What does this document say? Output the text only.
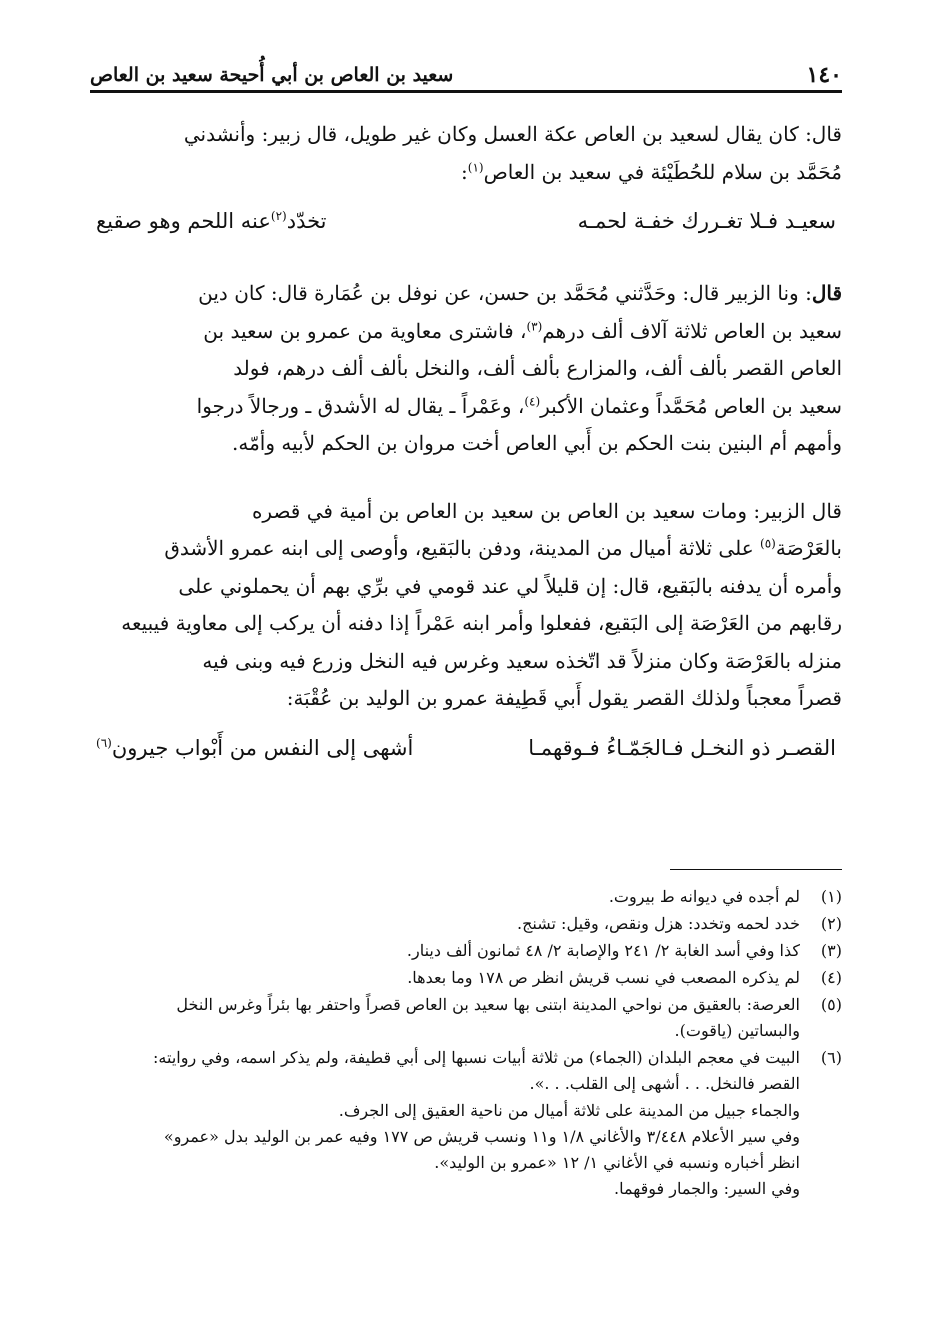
سعيد بن العاص بن أبي أُحيحة سعيد بن العاص	١٤٠

قال: كان يقال لسعيد بن العاص عكة العسل وكان غير طويل، قال زبير: وأنشدني

مُحَمَّد بن سلام للحُطَيْئة في سعيد بن العاص$^{(١)}$:

سعيـد فـلا تغـررك خفـة لحمـه
تخدّد$^{(٢)}$عنه اللحم وهو صقيع

قال: ونا الزبير قال: وحَدَّثني مُحَمَّد بن حسن، عن نوفل بن عُمَارة قال: كان دين

سعيد بن العاص ثلاثة آلاف ألف درهم$^{(٣)}$، فاشترى معاوية من عمرو بن سعيد بن

العاص القصر بألف ألف، والمزارع بألف ألف، والنخل بألف ألف درهم، فولد

سعيد بن العاص مُحَمَّداً وعثمان الأكبر$^{(٤)}$، وعَمْراً ـ يقال له الأشدق ـ ورجالاً درجوا

وأمهم أم البنين بنت الحكم بن أَبي العاص أخت مروان بن الحكم لأبيه وأمّه.

قال الزبير: ومات سعيد بن العاص بن سعيد بن العاص بن أمية في قصره

بالعَرْصَة$^{(٥)}$ على ثلاثة أميال من المدينة، ودفن بالبَقيع، وأوصى إلى ابنه عمرو الأشدق

وأمره أن يدفنه بالبَقيع، قال: إن قليلاً لي عند قومي في برِّي بهم أن يحملوني على

رقابهم من العَرْصَة إلى البَقيع، ففعلوا وأمر ابنه عَمْراً إذا دفنه أن يركب إلى معاوية فيبيعه

منزله بالعَرْصَة وكان منزلاً قد اتّخذه سعيد وغرس فيه النخل وزرع فيه وبنى فيه

قصراً معجباً ولذلك القصر يقول أَبي قَطِيفة عمرو بن الوليد بن عُقْبَة:

القصـر ذو النخـل فـالجَمّـاءُ فـوقهمـا
أشهى إلى النفس من أَبْواب جيرون$^{(٦)}$
(١)
لم أجده في ديوانه ط بيروت.
(٢)
خدد لحمه وتخدد: هزل ونقص، وقيل: تشنج.
(٣)
كذا وفي أسد الغابة ٢/ ٢٤١ والإصابة ٢/ ٤٨ ثمانون ألف دينار.
(٤)
لم يذكره المصعب في نسب قريش انظر ص ١٧٨ وما بعدها.
(٥)
العرصة: بالعقيق من نواحي المدينة ابتنى بها سعيد بن العاص قصراً واحتفر بها بئراً وغرس النخل
والبساتين (ياقوت).
(٦)
البيت في معجم البلدان (الجماء) من ثلاثة أبيات نسبها إلى أبي قطيفة، ولم يذكر اسمه، وفي روايته:
القصر فالنخل. . . أشهى إلى القلب. . .».
والجماء جبيل من المدينة على ثلاثة أميال من ناحية العقيق إلى الجرف.
وفي سير الأعلام ٣/٤٤٨ والأغاني ١/٨ و١١ ونسب قريش ص ١٧٧ وفيه عمر بن الوليد بدل «عمرو»
انظر أخباره ونسبه في الأغاني ١/ ١٢ «عمرو بن الوليد».
وفي السير: والجمار فوقهما.
